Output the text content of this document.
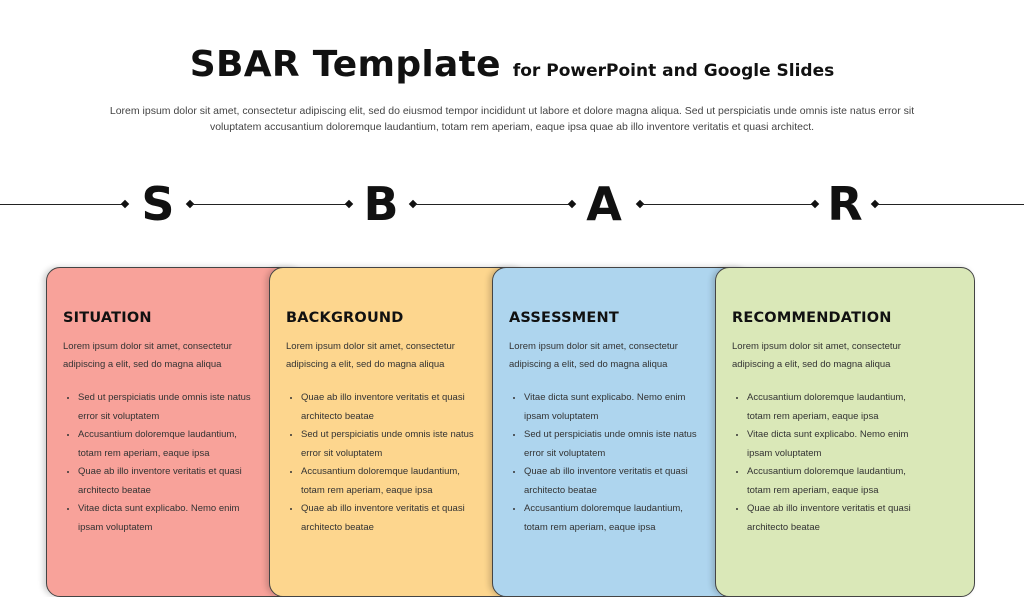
SBAR Template for PowerPoint and Google Slides
Lorem ipsum dolor sit amet, consectetur adipiscing elit, sed do eiusmod tempor incididunt ut labore et dolore magna aliqua. Sed ut perspiciatis unde omnis iste natus error sit voluptatem accusantium doloremque laudantium, totam rem aperiam, eaque ipsa quae ab illo inventore veritatis et quasi architect.
S	B	A	R
SITUATION

Lorem ipsum dolor sit amet, consectetur adipiscing a elit, sed do magna aliqua

• Sed ut perspiciatis unde omnis iste natus error sit voluptatem
• Accusantium doloremque laudantium, totam rem aperiam, eaque ipsa
• Quae ab illo inventore veritatis et quasi architecto beatae
• Vitae dicta sunt explicabo. Nemo enim ipsam voluptatem
BACKGROUND

Lorem ipsum dolor sit amet, consectetur adipiscing a elit, sed do magna aliqua

• Quae ab illo inventore veritatis et quasi architecto beatae
• Sed ut perspiciatis unde omnis iste natus error sit voluptatem
• Accusantium doloremque laudantium, totam rem aperiam, eaque ipsa
• Quae ab illo inventore veritatis et quasi architecto beatae
ASSESSMENT

Lorem ipsum dolor sit amet, consectetur adipiscing a elit, sed do magna aliqua

• Vitae dicta sunt explicabo. Nemo enim ipsam voluptatem
• Sed ut perspiciatis unde omnis iste natus error sit voluptatem
• Quae ab illo inventore veritatis et quasi architecto beatae
• Accusantium doloremque laudantium, totam rem aperiam, eaque ipsa
RECOMMENDATION

Lorem ipsum dolor sit amet, consectetur adipiscing a elit, sed do magna aliqua

• Accusantium doloremque laudantium, totam rem aperiam, eaque ipsa
• Vitae dicta sunt explicabo. Nemo enim ipsam voluptatem
• Accusantium doloremque laudantium, totam rem aperiam, eaque ipsa
• Quae ab illo inventore veritatis et quasi architecto beatae
